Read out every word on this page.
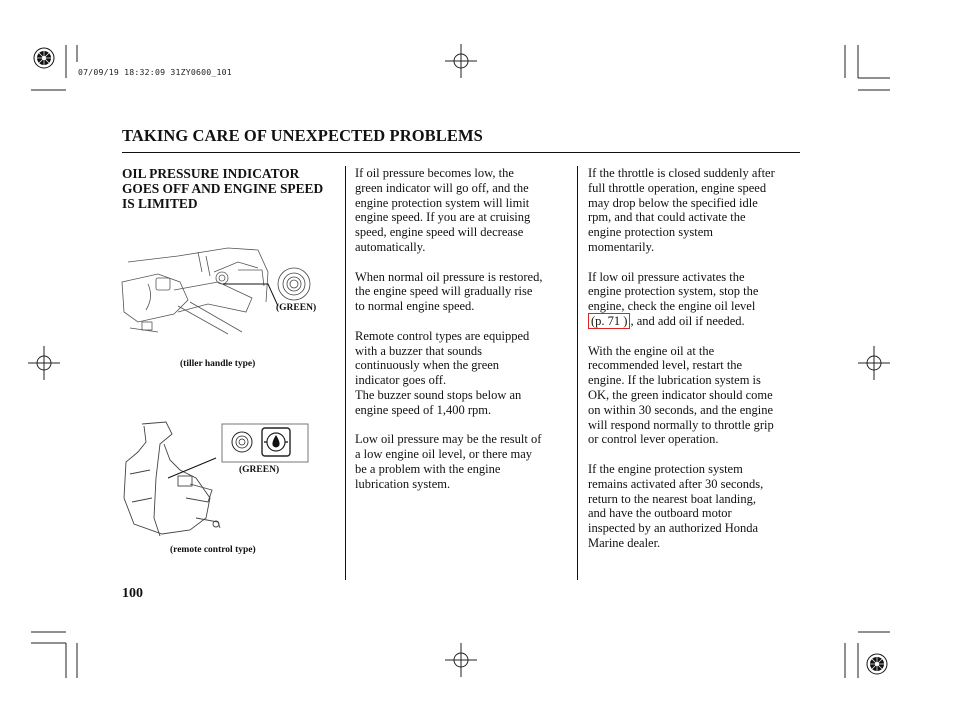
07/09/19 18:32:09 31ZY0600_101
TAKING CARE OF UNEXPECTED PROBLEMS
OIL PRESSURE INDICATOR GOES OFF AND ENGINE SPEED IS LIMITED
(GREEN)
(tiller handle type)
(GREEN)
(remote control type)

If oil pressure becomes low, the
green indicator will go off, and the
engine protection system will limit
engine speed. If you are at cruising
speed, engine speed will decrease
automatically.

When normal oil pressure is restored,
the engine speed will gradually rise
to normal engine speed.

Remote control types are equipped
with a buzzer that sounds
continuously when the green
indicator goes off.
The buzzer sound stops below an
engine speed of 1,400 rpm.

Low oil pressure may be the result of
a low engine oil level, or there may
be a problem with the engine
lubrication system.

If the throttle is closed suddenly after
full throttle operation, engine speed
may drop below the specified idle
rpm, and that could activate the
engine protection system
momentarily.

If low oil pressure activates the
engine protection system, stop the
engine, check the engine oil level
(p. 71 ) , and add oil if needed.

With the engine oil at the
recommended level, restart the
engine. If the lubrication system is
OK, the green indicator should come
on within 30 seconds, and the engine
will respond normally to throttle grip
or control lever operation.

If the engine protection system
remains activated after 30 seconds,
return to the nearest boat landing,
and have the outboard motor
inspected by an authorized Honda
Marine dealer.

100
